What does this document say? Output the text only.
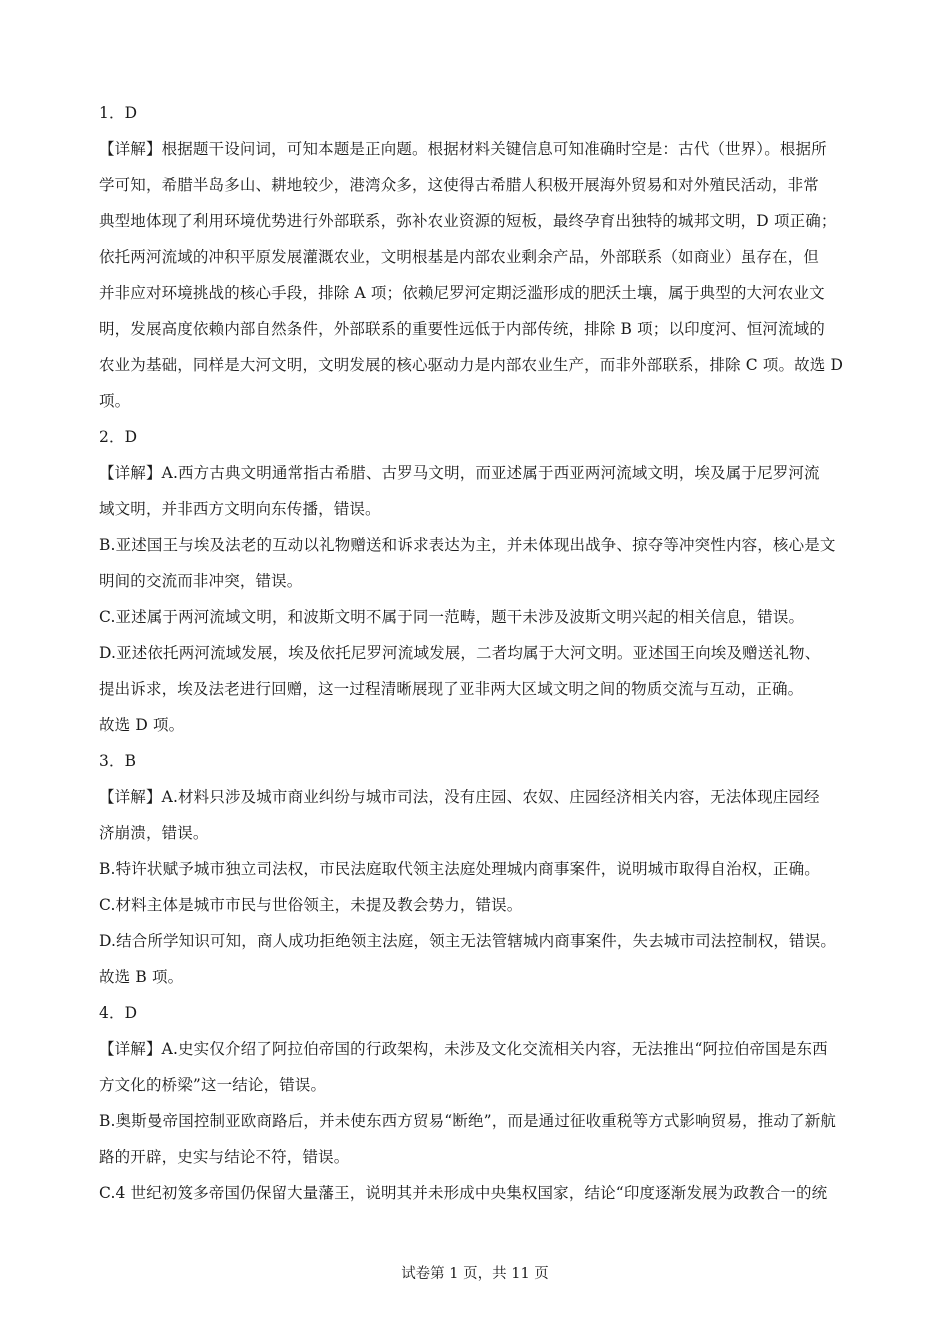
1．D
【详解】根据题干设问词，可知本题是正向题。根据材料关键信息可知准确时空是：古代（世界）。根据所
学可知，希腊半岛多山、耕地较少，港湾众多，这使得古希腊人积极开展海外贸易和对外殖民活动，非常
典型地体现了利用环境优势进行外部联系，弥补农业资源的短板，最终孕育出独特的城邦文明，D 项正确；
依托两河流域的冲积平原发展灌溉农业，文明根基是内部农业剩余产品，外部联系（如商业）虽存在，但
并非应对环境挑战的核心手段，排除 A 项；依赖尼罗河定期泛滥形成的肥沃土壤，属于典型的大河农业文
明，发展高度依赖内部自然条件，外部联系的重要性远低于内部传统，排除 B 项；以印度河、恒河流域的
农业为基础，同样是大河文明，文明发展的核心驱动力是内部农业生产，而非外部联系，排除 C 项。故选 D
项。
2．D
【详解】A.西方古典文明通常指古希腊、古罗马文明，而亚述属于西亚两河流域文明，埃及属于尼罗河流
域文明，并非西方文明向东传播，错误。
B.亚述国王与埃及法老的互动以礼物赠送和诉求表达为主，并未体现出战争、掠夺等冲突性内容，核心是文
明间的交流而非冲突，错误。
C.亚述属于两河流域文明，和波斯文明不属于同一范畴，题干未涉及波斯文明兴起的相关信息，错误。
D.亚述依托两河流域发展，埃及依托尼罗河流域发展，二者均属于大河文明。亚述国王向埃及赠送礼物、
提出诉求，埃及法老进行回赠，这一过程清晰展现了亚非两大区域文明之间的物质交流与互动，正确。
故选 D 项。
3．B
【详解】A.材料只涉及城市商业纠纷与城市司法，没有庄园、农奴、庄园经济相关内容，无法体现庄园经
济崩溃，错误。
B.特许状赋予城市独立司法权，市民法庭取代领主法庭处理城内商事案件，说明城市取得自治权，正确。
C.材料主体是城市市民与世俗领主，未提及教会势力，错误。
D.结合所学知识可知，商人成功拒绝领主法庭，领主无法管辖城内商事案件，失去城市司法控制权，错误。
故选 B 项。
4．D
【详解】A.史实仅介绍了阿拉伯帝国的行政架构，未涉及文化交流相关内容，无法推出“阿拉伯帝国是东西
方文化的桥梁”这一结论，错误。
B.奥斯曼帝国控制亚欧商路后，并未使东西方贸易“断绝”，而是通过征收重税等方式影响贸易，推动了新航
路的开辟，史实与结论不符，错误。
C.4 世纪初笈多帝国仍保留大量藩王，说明其并未形成中央集权国家，结论“印度逐渐发展为政教合一的统
试卷第 1 页，共 11 页
